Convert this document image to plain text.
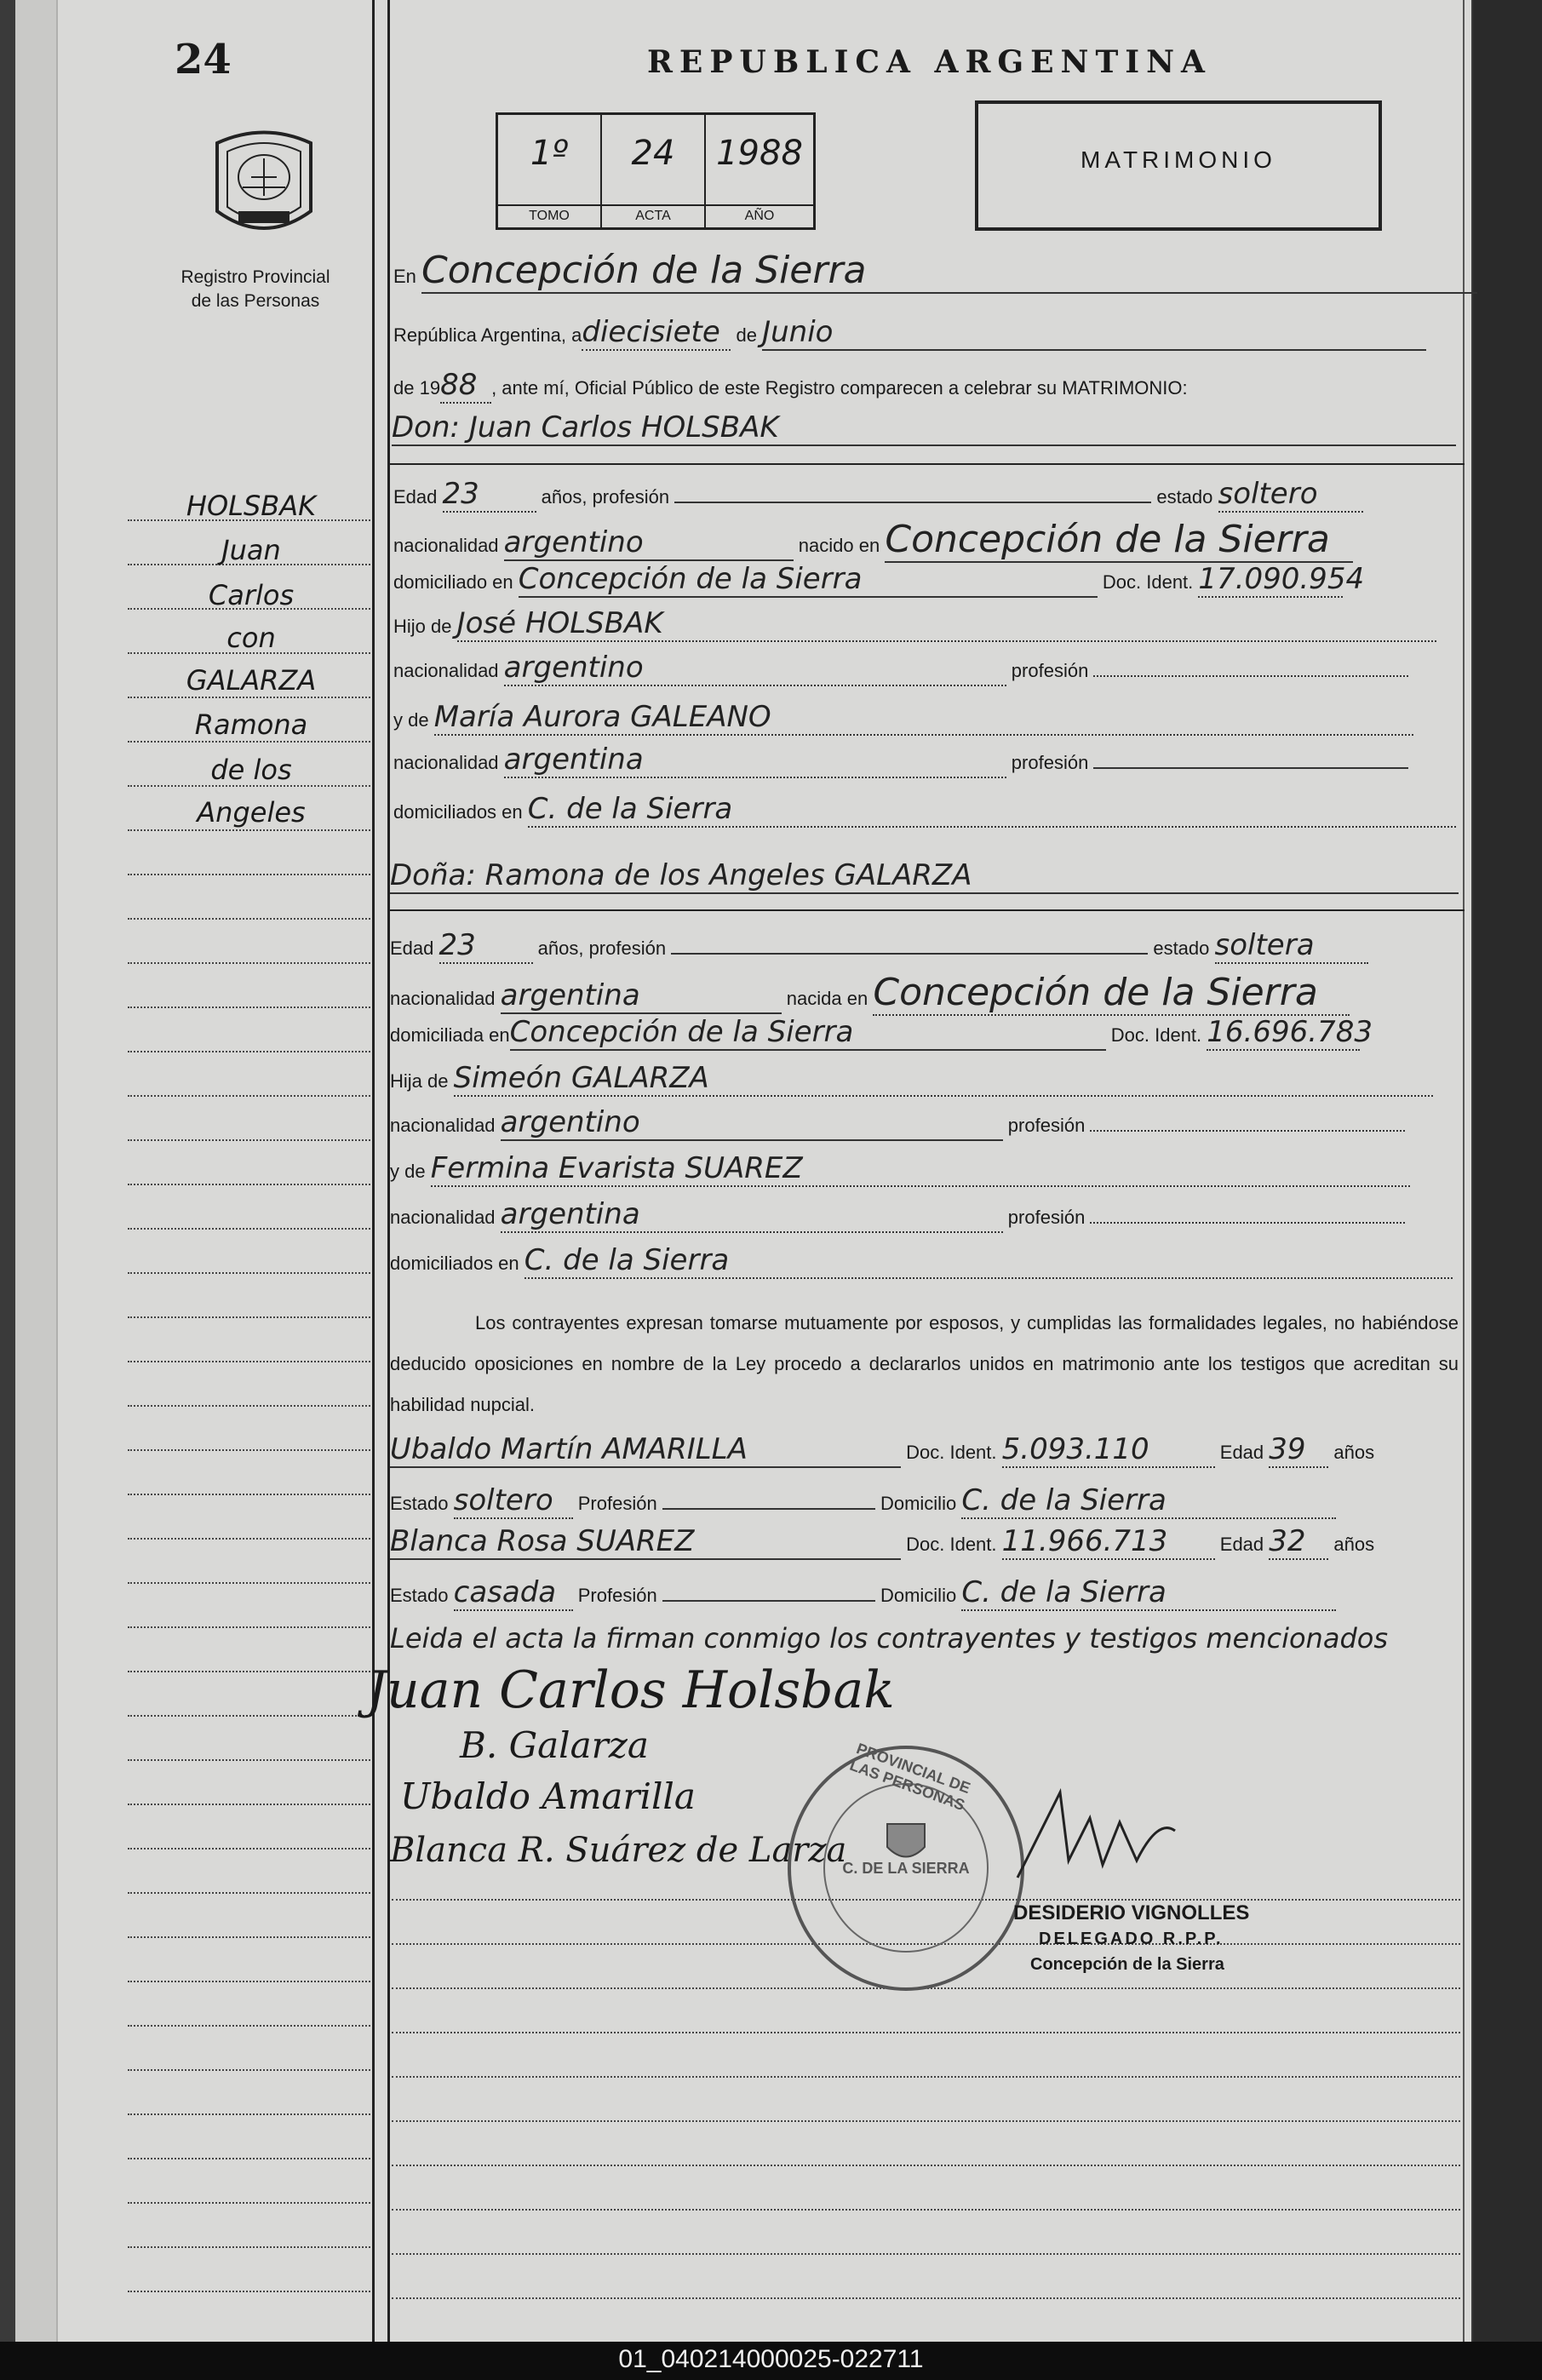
24
Registro Provincial
de las Personas
REPUBLICA ARGENTINA
1º
TOMO
24
ACTA
1988
AÑO
MATRIMONIO
En Concepción de la Sierra
República Argentina, adiecisiete de Junio
de 1988 , ante mí, Oficial Público de este Registro comparecen a celebrar su MATRIMONIO:
Don: Juan Carlos HOLSBAK
Edad 23	años, profesión	estado soltero
nacionalidad argentino	nacido en Concepción de la Sierra
domiciliado en Concepción de la Sierra	Doc. Ident. 17.090.954
Hijo de José HOLSBAK
nacionalidad argentino	profesión
y de María Aurora GALEANO
nacionalidad argentina	profesión
domiciliados en C. de la Sierra
Doña: Ramona de los Angeles GALARZA
Edad 23	años, profesión	estado soltera
nacionalidad argentina	nacida en Concepción de la Sierra
domiciliada enConcepción de la Sierra	Doc. Ident. 16.696.783
Hija de Simeón GALARZA
nacionalidad argentino	profesión
y de Fermina Evarista SUAREZ
nacionalidad argentina	profesión
domiciliados en C. de la Sierra
HOLSBAK
Juan
Carlos
con
GALARZA
Ramona
de los
Angeles
Los contrayentes expresan tomarse mutuamente por esposos, y cumplidas las formalidades legales, no habiéndose deducido oposiciones en nombre de la Ley procedo a declararlos unidos en matrimonio ante los testigos que acreditan su habilidad nupcial.
Ubaldo Martín AMARILLA	Doc. Ident. 5.093.110	Edad 39 años
Estado soltero Profesión	Domicilio C. de la Sierra
Blanca Rosa SUAREZ	Doc. Ident. 11.966.713	Edad 32 años
Estado casada Profesión	Domicilio C. de la Sierra
Leida el acta la firman conmigo los contrayentes y testigos mencionados
Juan Carlos Holsbak
B. Galarza
Ubaldo Amarilla
Blanca R. Suárez de Larza
PROVINCIAL DE LAS PERSONAS
C. DE LA SIERRA
DESIDERIO VIGNOLLES
DELEGADO R.P.P.
Concepción de la Sierra
01_040214000025-022711
